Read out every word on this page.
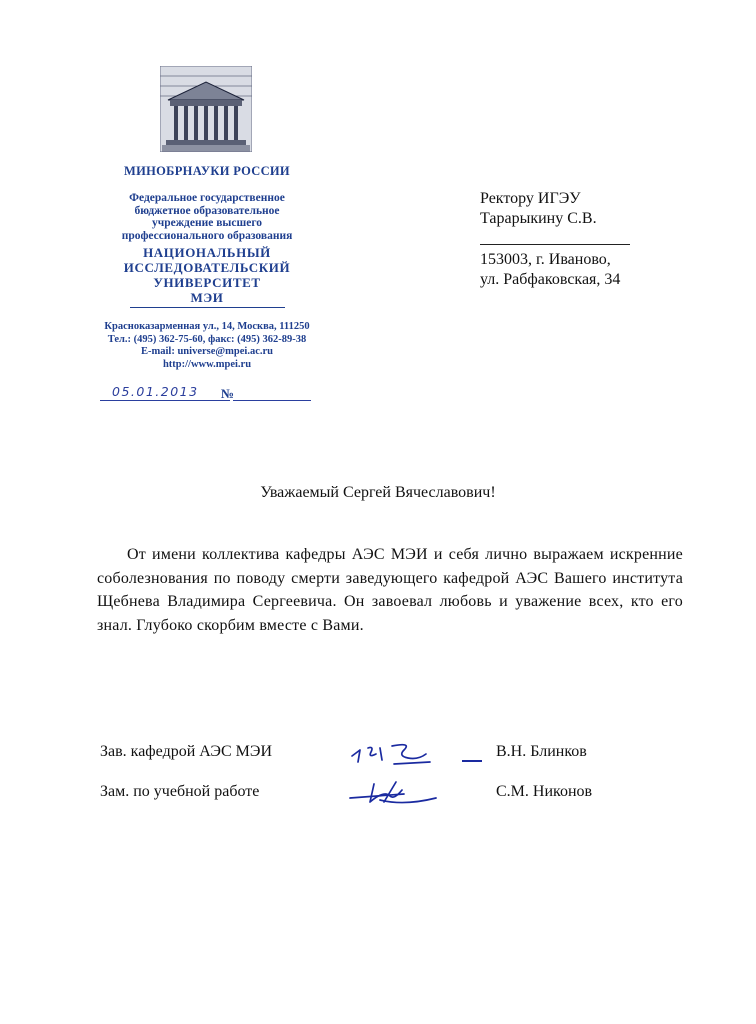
МИНОБРНАУКИ РОССИИ
Федеральное государственное
бюджетное образовательное
учреждение высшего
профессионального образования
НАЦИОНАЛЬНЫЙ
ИССЛЕДОВАТЕЛЬСКИЙ
УНИВЕРСИТЕТ
МЭИ
Красноказарменная ул., 14, Москва, 111250
Тел.: (495) 362-75-60, факс: (495) 362-89-38
E-mail: universe@mpei.ac.ru
http://www.mpei.ru
05.01.2013 №
Ректору ИГЭУ
Тарарыкину С.В.
153003, г. Иваново,
ул. Рабфаковская, 34
Уважаемый Сергей Вячеславович!
От имени коллектива кафедры АЭС МЭИ и себя лично выражаем искренние соболезнования по поводу смерти заведующего кафедрой АЭС Вашего института Щебнева Владимира Сергеевича. Он завоевал любовь и уважение всех, кто его знал. Глубоко скорбим вместе с Вами.
Зав. кафедрой АЭС МЭИ	В.Н. Блинков
Зам. по учебной работе	С.М. Никонов
